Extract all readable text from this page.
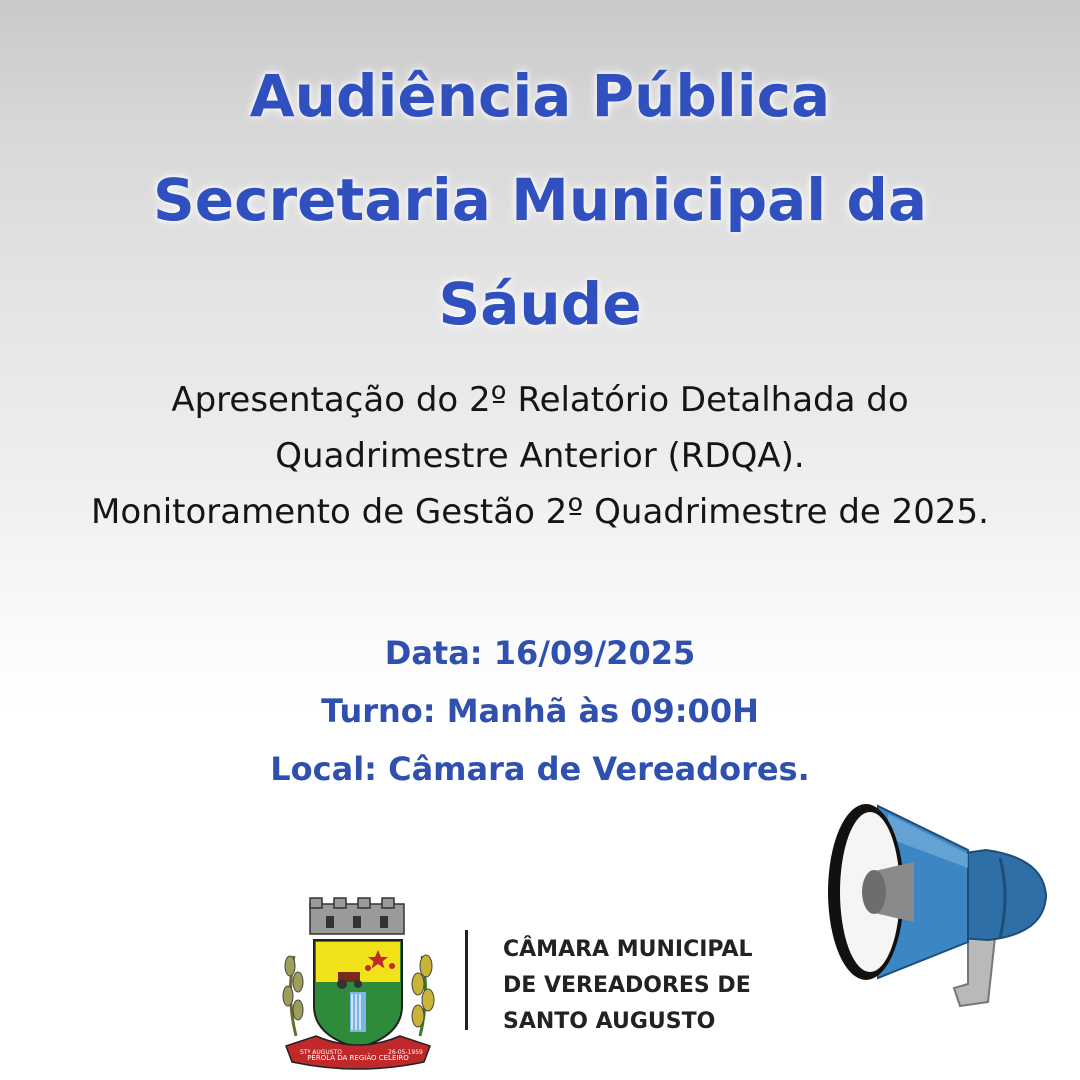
Audiência Pública
Secretaria Municipal da
Sáude
Apresentação do 2º Relatório Detalhada do
Quadrimestre Anterior (RDQA).
Monitoramento de Gestão 2º Quadrimestre de 2025.
Data: 16/09/2025
Turno: Manhã às 09:00H
Local: Câmara de Vereadores.
PÉROLA DA REGIÃO CELEIRO
STº AUGUSTO	26-05-1959
CÂMARA MUNICIPAL
DE VEREADORES DE
SANTO AUGUSTO
